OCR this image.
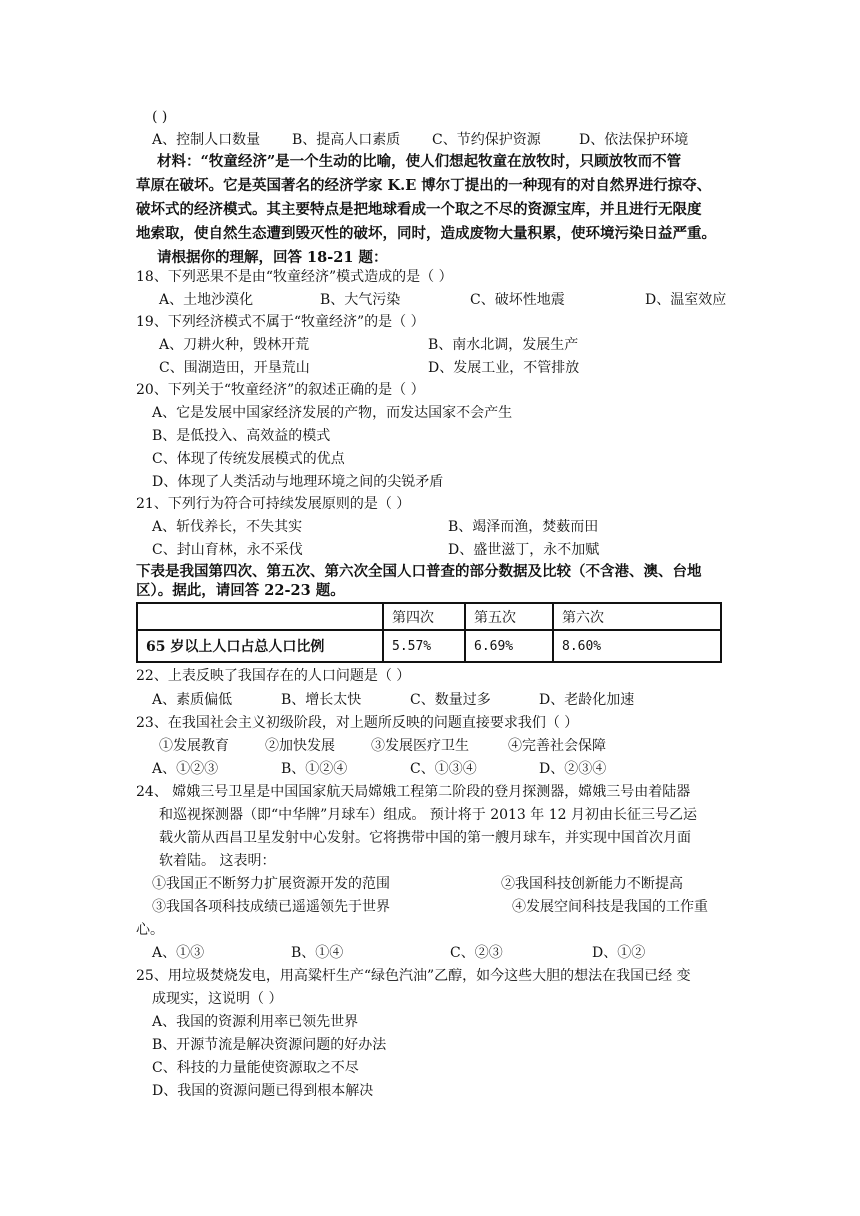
( )
A、控制人口数量 B、提高人口素质 C、节约保护资源	D、依法保护环境
材料：“牧童经济”是一个生动的比喻，使人们想起牧童在放牧时，只顾放牧而不管
草原在破坏。它是英国著名的经济学家 K.E 博尔丁提出的一种现有的对自然界进行掠夺、
破坏式的经济模式。其主要特点是把地球看成一个取之不尽的资源宝库，并且进行无限度
地索取，使自然生态遭到毁灭性的破坏，同时，造成废物大量积累，使环境污染日益严重。
请根据你的理解，回答 18-21 题：
18、下列恶果不是由“牧童经济”模式造成的是（ ）
A、土地沙漠化	B、大气污染	C、破坏性地震	D、温室效应
19、下列经济模式不属于“牧童经济”的是（ ）
A、刀耕火种，毁林开荒	B、南水北调，发展生产
C、围湖造田，开垦荒山	D、发展工业，不管排放
20、下列关于“牧童经济”的叙述正确的是（ ）
A、它是发展中国家经济发展的产物，而发达国家不会产生
B、是低投入、高效益的模式
C、体现了传统发展模式的优点
D、体现了人类活动与地理环境之间的尖锐矛盾
21、下列行为符合可持续发展原则的是（ ）
A、斩伐养长，不失其实	B、竭泽而渔，焚薮而田
C、封山育林，永不采伐	D、盛世滋丁，永不加赋
下表是我国第四次、第五次、第六次全国人口普查的部分数据及比较（不含港、澳、台地
区）。据此，请回答 22-23 题。
	第四次	第五次	第六次
65 岁以上人口占总人口比例	5.57%	6.69%	8.60%
22、上表反映了我国存在的人口问题是（ ）
A、素质偏低	B、增长太快	C、数量过多	D、老龄化加速
23、在我国社会主义初级阶段，对上题所反映的问题直接要求我们（ ）
①发展教育	②加快发展	③发展医疗卫生	④完善社会保障
A、①②③	B、①②④	C、①③④	D、②③④
24、 嫦娥三号卫星是中国国家航天局嫦娥工程第二阶段的登月探测器，嫦娥三号由着陆器
和巡视探测器（即“中华牌”月球车）组成。 预计将于 2013 年 12 月初由长征三号乙运
载火箭从西昌卫星发射中心发射。它将携带中国的第一艘月球车，并实现中国首次月面
软着陆。 这表明：
①我国正不断努力扩展资源开发的范围	②我国科技创新能力不断提高
③我国各项科技成绩已遥遥领先于世界	④发展空间科技是我国的工作重
心。
A、①③	B、①④	C、②③	D、①②
25、用垃圾焚烧发电，用高粱杆生产“绿色汽油”乙醇，如今这些大胆的想法在我国已经 变
成现实，这说明（ ）
A、我国的资源利用率已领先世界
B、开源节流是解决资源问题的好办法
C、科技的力量能使资源取之不尽
D、我国的资源问题已得到根本解决
